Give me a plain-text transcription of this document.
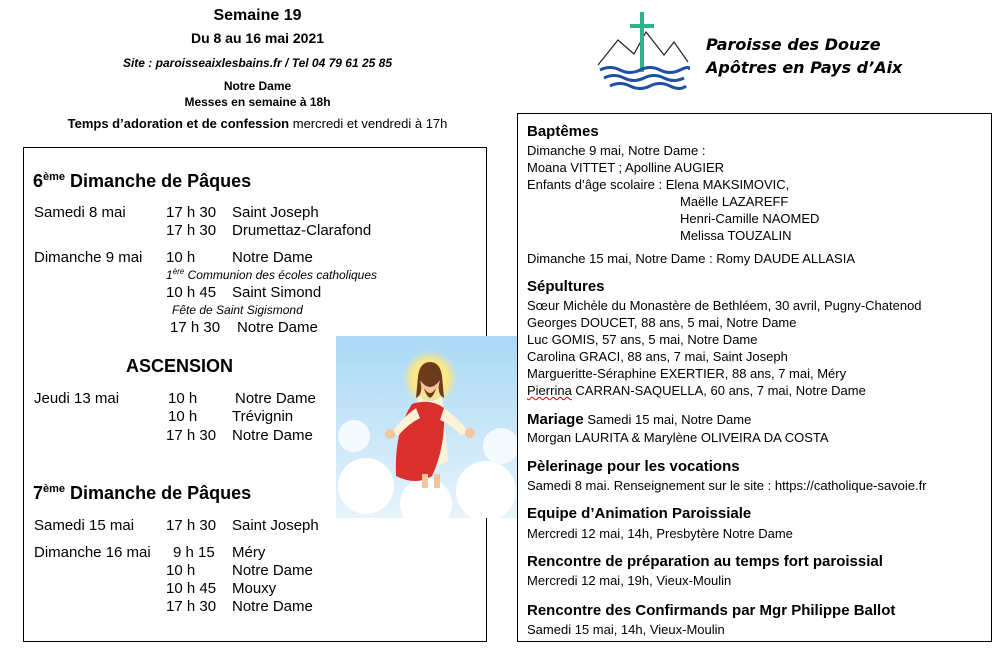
Semaine 19
Du 8 au 16 mai 2021
Site : paroisseaixlesbains.fr / Tel 04 79 61 25 85
Notre Dame
Messes en semaine à 18h
Temps d’adoration et de confession mercredi et vendredi à 17h
Paroisse des Douze
Apôtres en Pays d’Aix
6ème Dimanche de Pâques
Samedi 8 mai	17 h 30 Saint Joseph
17 h 30 Drumettaz-Clarafond
Dimanche 9 mai 10 h Notre Dame
1ère Communion des écoles catholiques
10 h 45 Saint Simond
Fête de Saint Sigismond
17 h 30 Notre Dame
ASCENSION
Jeudi 13 mai	10 h	Notre Dame
10 h Trévignin
17 h 30 Notre Dame
7ème Dimanche de Pâques
Samedi 15 mai 17 h 30 Saint Joseph
Dimanche 16 mai 9 h 15 Méry
10 h Notre Dame
10 h 45 Mouxy
17 h 30 Notre Dame
Baptêmes
Dimanche 9 mai, Notre Dame :
Moana VITTET ; Apolline AUGIER
Enfants d’âge scolaire : Elena MAKSIMOVIC,
Maëlle LAZAREFF
Henri-Camille NAOMED
Melissa TOUZALIN
Dimanche 15 mai, Notre Dame : Romy DAUDE ALLASIA
Sépultures
Sœur Michèle du Monastère de Bethléem, 30 avril, Pugny-Chatenod
Georges DOUCET, 88 ans, 5 mai, Notre Dame
Luc GOMIS, 57 ans, 5 mai, Notre Dame
Carolina GRACI, 88 ans, 7 mai, Saint Joseph
Margueritte-Séraphine EXERTIER, 88 ans, 7 mai, Méry
Pierrina CARRAN-SAQUELLA, 60 ans, 7 mai, Notre Dame
Mariage Samedi 15 mai, Notre Dame
Morgan LAURITA & Marylène OLIVEIRA DA COSTA
Pèlerinage pour les vocations
Samedi 8 mai. Renseignement sur le site : https://catholique-savoie.fr
Equipe d’Animation Paroissiale
Mercredi 12 mai, 14h, Presbytère Notre Dame
Rencontre de préparation au temps fort paroissial
Mercredi 12 mai, 19h, Vieux-Moulin
Rencontre des Confirmands par Mgr Philippe Ballot
Samedi 15 mai, 14h, Vieux-Moulin
